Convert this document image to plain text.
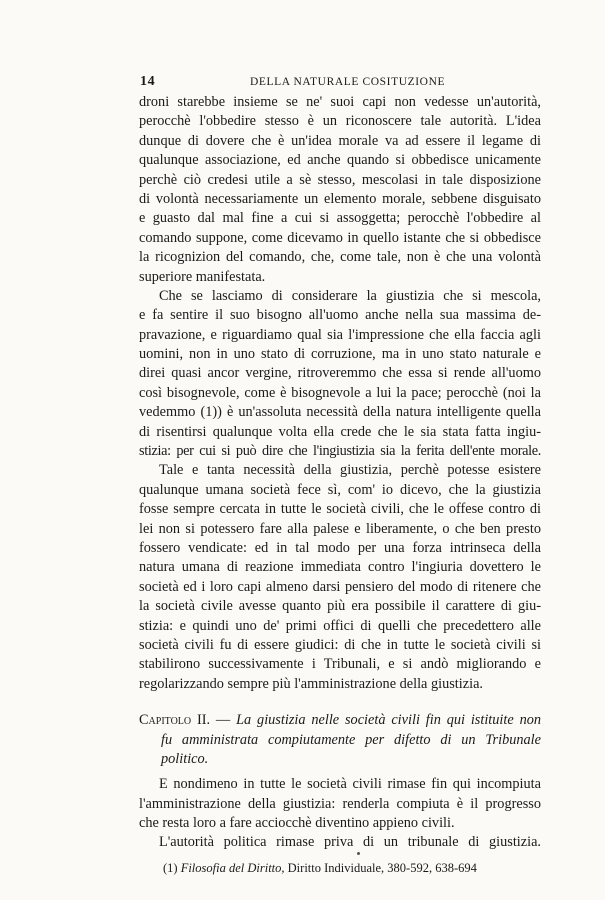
14	DELLA NATURALE COSITUZIONE
droni starebbe insieme se ne' suoi capi non vedesse un'autorità,
perocchè l'obbedire stesso è un riconoscere tale autorità. L'idea
dunque di dovere che è un'idea morale va ad essere il legame di
qualunque associazione, ed anche quando si obbedisce unicamente
perchè ciò credesi utile a sè stesso, mescolasi in tale disposizione
di volontà necessariamente un elemento morale, sebbene disguisato
e guasto dal mal fine a cui si assoggetta; perocchè l'obbedire al
comando suppone, come dicevamo in quello istante che si obbedisce
la ricognizion del comando, che, come tale, non è che una volontà
superiore manifestata.
Che se lasciamo di considerare la giustizia che si mescola,
e fa sentire il suo bisogno all'uomo anche nella sua massima de-
pravazione, e riguardiamo qual sia l'impressione che ella faccia agli
uomini, non in uno stato di corruzione, ma in uno stato naturale e
direi quasi ancor vergine, ritroveremmo che essa si rende all'uomo
così bisognevole, come è bisognevole a lui la pace; perocchè (noi la
vedemmo (1)) è un'assoluta necessità della natura intelligente quella
di risentirsi qualunque volta ella crede che le sia stata fatta ingiu-
stizia: per cui si può dire che l'ingiustizia sia la ferita dell'ente morale.
Tale e tanta necessità della giustizia, perchè potesse esistere
qualunque umana società fece sì, com' io dicevo, che la giustizia
fosse sempre cercata in tutte le società civili, che le offese contro di
lei non si potessero fare alla palese e liberamente, o che ben presto
fossero vendicate: ed in tal modo per una forza intrinseca della
natura umana di reazione immediata contro l'ingiuria dovettero le
società ed i loro capi almeno darsi pensiero del modo di ritenere che
la società civile avesse quanto più era possibile il carattere di giu-
stizia: e quindi uno de' primi offici di quelli che precedettero alle
società civili fu di essere giudici: di che in tutte le società civili si
stabilirono successivamente i Tribunali, e si andò migliorando e
regolarizzando sempre più l'amministrazione della giustizia.
Capitolo II. — La giustizia nelle società civili fin qui istituite non
fu amministrata compiutamente per difetto di un Tribunale
politico.
E nondimeno in tutte le società civili rimase fin qui incompiuta
l'amministrazione della giustizia: renderla compiuta è il progresso
che resta loro a fare acciocchè diventino appieno civili.
L'autorità politica rimase priva di un tribunale di giustizia.
(1) Filosofia del Diritto, Diritto Individuale, 380-592, 638-694
